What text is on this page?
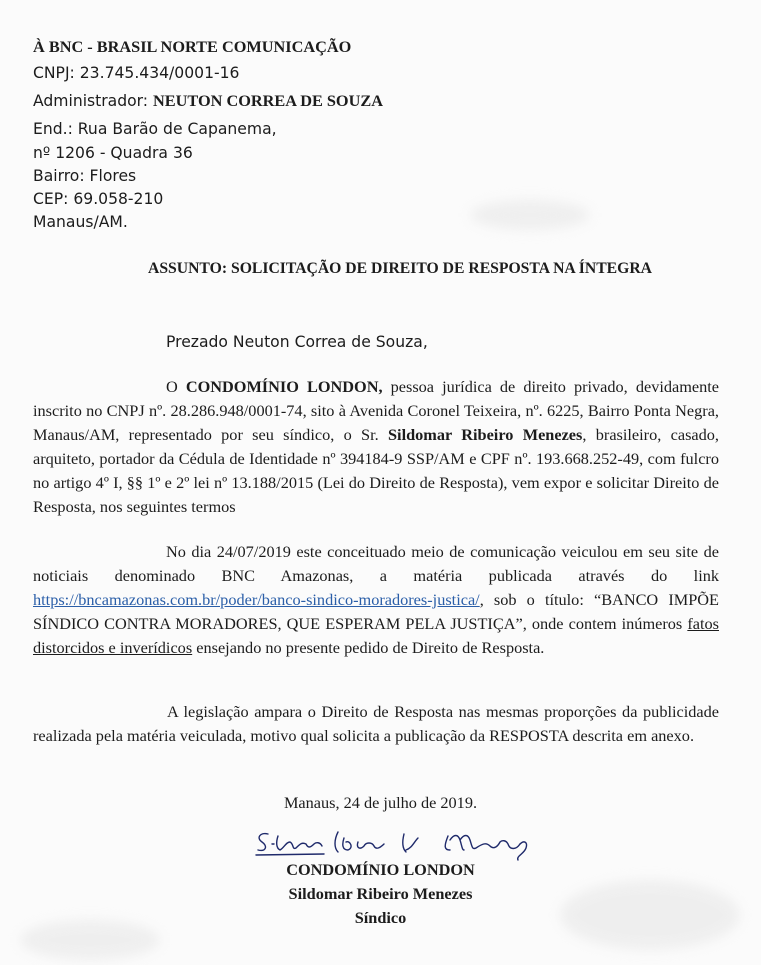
À BNC - BRASIL NORTE COMUNICAÇÃO
CNPJ: 23.745.434/0001-16
Administrador: NEUTON CORREA DE SOUZA
End.: Rua Barão de Capanema,
nº 1206 - Quadra 36
Bairro: Flores
CEP: 69.058-210
Manaus/AM.
ASSUNTO: SOLICITAÇÃO DE DIREITO DE RESPOSTA NA ÍNTEGRA
Prezado Neuton Correa de Souza,
O CONDOMÍNIO LONDON, pessoa jurídica de direito privado, devidamente inscrito no CNPJ nº. 28.286.948/0001-74, sito à Avenida Coronel Teixeira, nº. 6225, Bairro Ponta Negra, Manaus/AM, representado por seu síndico, o Sr. Sildomar Ribeiro Menezes, brasileiro, casado, arquiteto, portador da Cédula de Identidade nº 394184-9 SSP/AM e CPF nº. 193.668.252-49, com fulcro no artigo 4º I, §§ 1º e 2º lei nº 13.188/2015 (Lei do Direito de Resposta), vem expor e solicitar Direito de Resposta, nos seguintes termos
No dia 24/07/2019 este conceituado meio de comunicação veiculou em seu site de noticiais denominado BNC Amazonas, a matéria publicada através do link https://bncamazonas.com.br/poder/banco-sindico-moradores-justica/, sob o título: “BANCO IMPÕE SÍNDICO CONTRA MORADORES, QUE ESPERAM PELA JUSTIÇA”, onde contem inúmeros fatos distorcidos e inverídicos ensejando no presente pedido de Direito de Resposta.
A legislação ampara o Direito de Resposta nas mesmas proporções da publicidade realizada pela matéria veiculada, motivo qual solicita a publicação da RESPOSTA descrita em anexo.
Manaus, 24 de julho de 2019.
CONDOMÍNIO LONDON
Sildomar Ribeiro Menezes
Síndico
